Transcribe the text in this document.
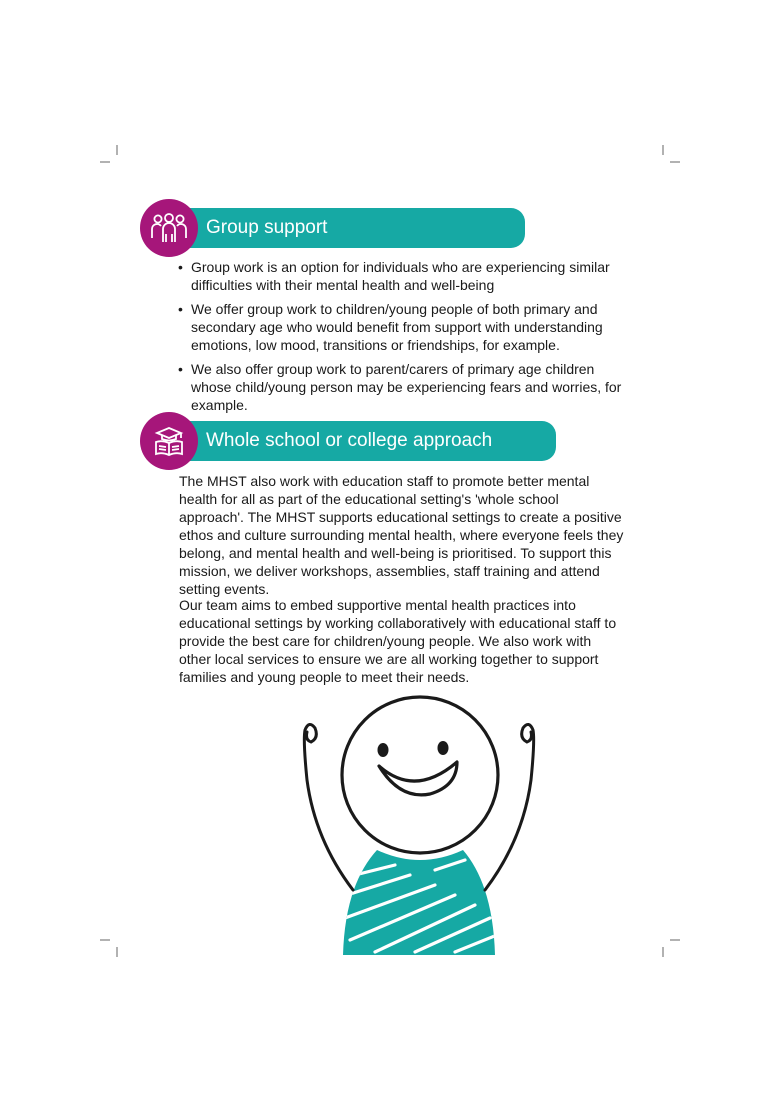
Group support
• Group work is an option for individuals who are experiencing similar difficulties with their mental health and well-being
• We offer group work to children/young people of both primary and secondary age who would benefit from support with understanding emotions, low mood, transitions or friendships, for example.
• We also offer group work to parent/carers of primary age children whose child/young person may be experiencing fears and worries, for example.
Whole school or college approach

The MHST also work with education staff to promote better mental health for all as part of the educational setting's 'whole school approach'. The MHST supports educational settings to create a positive ethos and culture surrounding mental health, where everyone feels they belong, and mental health and well-being is prioritised. To support this mission, we deliver workshops, assemblies, staff training and attend setting events.

Our team aims to embed supportive mental health practices into educational settings by working collaboratively with educational staff to provide the best care for children/young people. We also work with other local services to ensure we are all working together to support families and young people to meet their needs.
